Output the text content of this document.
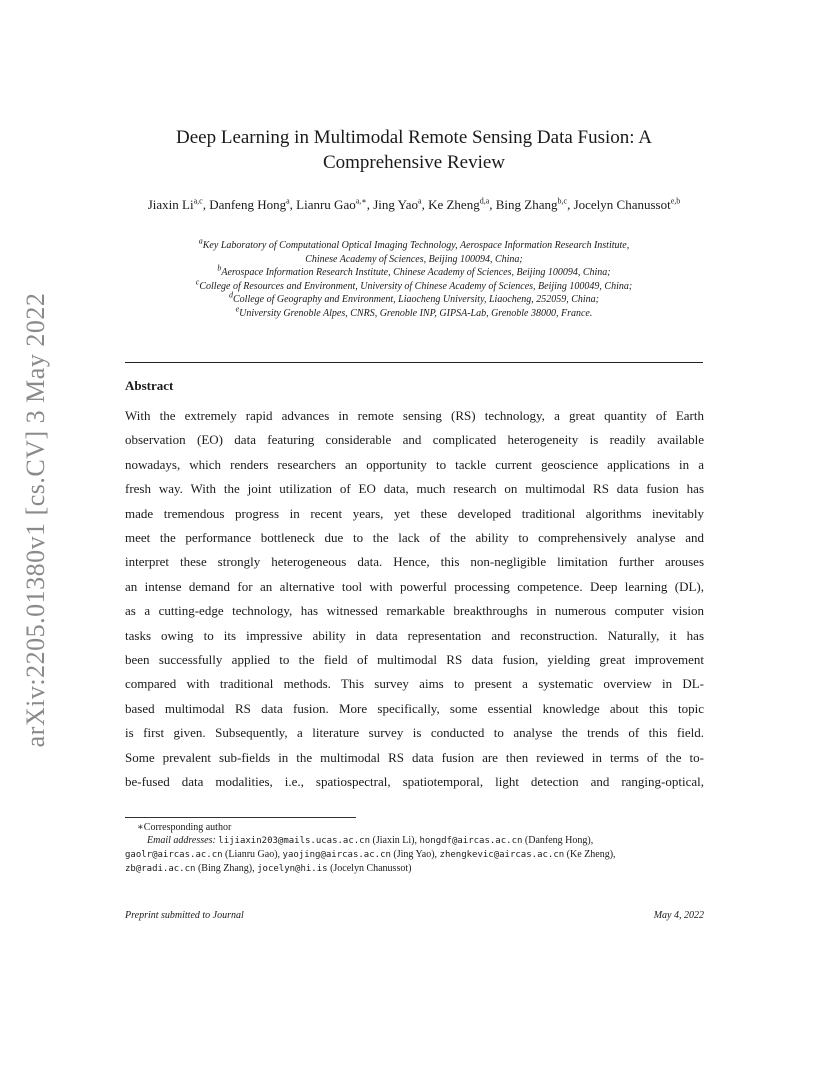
arXiv:2205.01380v1 [cs.CV] 3 May 2022
Deep Learning in Multimodal Remote Sensing Data Fusion: A
Comprehensive Review
Jiaxin Li$^{a,c}$, Danfeng Hong$^a$, Lianru Gao$^{a,∗}$, Jing Yao$^a$, Ke Zheng$^{d,a}$, Bing Zhang$^{b,c}$, Jocelyn Chanussot$^{e,b}$
$^a$Key Laboratory of Computational Optical Imaging Technology, Aerospace Information Research Institute,
Chinese Academy of Sciences, Beijing 100094, China;
$^b$Aerospace Information Research Institute, Chinese Academy of Sciences, Beijing 100094, China;
$^c$College of Resources and Environment, University of Chinese Academy of Sciences, Beijing 100049, China;
$^d$College of Geography and Environment, Liaocheng University, Liaocheng, 252059, China;
$^e$University Grenoble Alpes, CNRS, Grenoble INP, GIPSA-Lab, Grenoble 38000, France.
Abstract
With the extremely rapid advances in remote sensing (RS) technology, a great quantity of Earth
observation (EO) data featuring considerable and complicated heterogeneity is readily available
nowadays, which renders researchers an opportunity to tackle current geoscience applications in a
fresh way. With the joint utilization of EO data, much research on multimodal RS data fusion has
made tremendous progress in recent years, yet these developed traditional algorithms inevitably
meet the performance bottleneck due to the lack of the ability to comprehensively analyse and
interpret these strongly heterogeneous data. Hence, this non-negligible limitation further arouses
an intense demand for an alternative tool with powerful processing competence. Deep learning (DL),
as a cutting-edge technology, has witnessed remarkable breakthroughs in numerous computer vision
tasks owing to its impressive ability in data representation and reconstruction. Naturally, it has
been successfully applied to the field of multimodal RS data fusion, yielding great improvement
compared with traditional methods. This survey aims to present a systematic overview in DL-
based multimodal RS data fusion. More specifically, some essential knowledge about this topic
is first given. Subsequently, a literature survey is conducted to analyse the trends of this field.
Some prevalent sub-fields in the multimodal RS data fusion are then reviewed in terms of the to-
be-fused data modalities, i.e., spatiospectral, spatiotemporal, light detection and ranging-optical,
∗Corresponding author
Email addresses: lijiaxin203@mails.ucas.ac.cn (Jiaxin Li), hongdf@aircas.ac.cn (Danfeng Hong),
gaolr@aircas.ac.cn (Lianru Gao), yaojing@aircas.ac.cn (Jing Yao), zhengkevic@aircas.ac.cn (Ke Zheng),
zb@radi.ac.cn (Bing Zhang), jocelyn@hi.is (Jocelyn Chanussot)
Preprint submitted to Journal	May 4, 2022
